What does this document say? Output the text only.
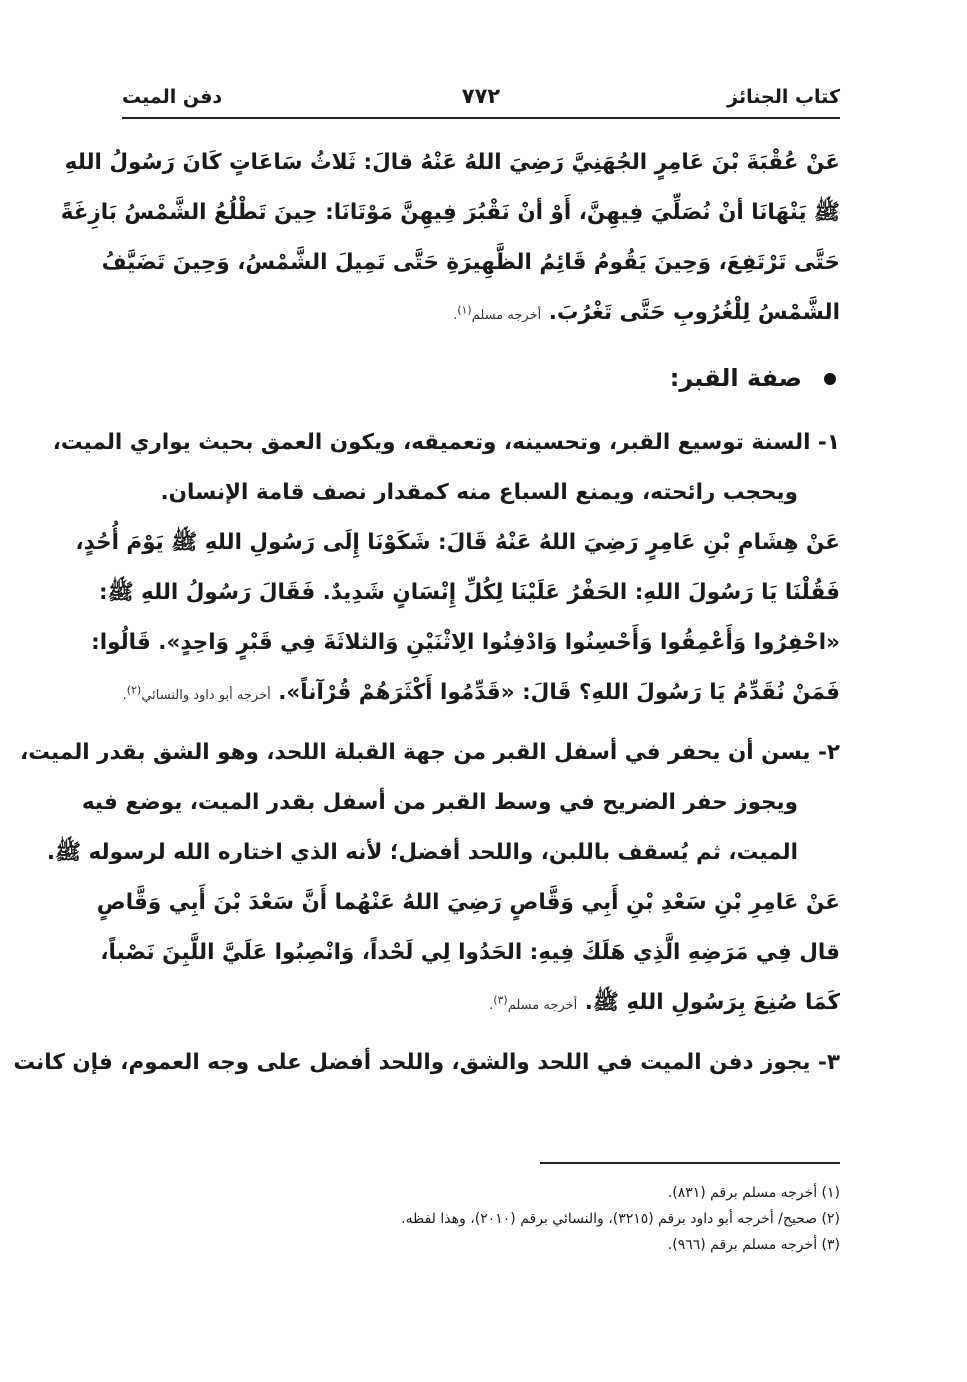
كتاب الجنائز
٧٧٢
دفن الميت
عَنْ عُقْبَةَ بْنَ عَامِرٍ الجُهَنِيَّ رَضِيَ اللهُ عَنْهُ قالَ: ثَلاثُ سَاعَاتٍ كَانَ رَسُولُ اللهِ
ﷺ يَنْهَانَا أنْ نُصَلِّيَ فِيهِنَّ، أَوْ أنْ نَقْبُرَ فِيهِنَّ مَوْتَانَا: حِينَ تَطْلُعُ الشَّمْسُ بَازِغَةً
حَتَّى تَرْتَفِعَ، وَحِينَ يَقُومُ قَائِمُ الظَّهِيرَةِ حَتَّى تَمِيلَ الشَّمْسُ، وَحِينَ تَضَيَّفُ
الشَّمْسُ لِلْغُرُوبِ حَتَّى تَغْرُبَ. أخرجه مسلم$^{(١)}$.
صفة القبر:
١- السنة توسيع القبر، وتحسينه، وتعميقه، ويكون العمق بحيث يواري الميت،
ويحجب رائحته، ويمنع السباع منه كمقدار نصف قامة الإنسان.
عَنْ هِشَامِ بْنِ عَامِرٍ رَضِيَ اللهُ عَنْهُ قَالَ: شَكَوْنَا إِلَى رَسُولِ اللهِ ﷺ يَوْمَ أُحُدٍ،
فَقُلْنَا يَا رَسُولَ اللهِ: الحَفْرُ عَلَيْنَا لِكُلِّ إِنْسَانٍ شَدِيدٌ. فَقَالَ رَسُولُ اللهِ ﷺ:
«احْفِرُوا وَأَعْمِقُوا وَأَحْسِنُوا وَادْفِنُوا الِاثْنَيْنِ وَالثلاثَةَ فِي قَبْرٍ وَاحِدٍ». قَالُوا:
فَمَنْ نُقَدِّمُ يَا رَسُولَ اللهِ؟ قَالَ: «قَدِّمُوا أَكْثَرَهُمْ قُرْآناً». أخرجه أبو داود والنسائي$^{(٢)}$.
٢- يسن أن يحفر في أسفل القبر من جهة القبلة اللحد، وهو الشق بقدر الميت،
ويجوز حفر الضريح في وسط القبر من أسفل بقدر الميت، يوضع فيه
الميت، ثم يُسقف باللبن، واللحد أفضل؛ لأنه الذي اختاره الله لرسوله ﷺ.
عَنْ عَامِرِ بْنِ سَعْدِ بْنِ أَبِي وَقَّاصٍ رَضِيَ اللهُ عَنْهُما أَنَّ سَعْدَ بْنَ أَبِي وَقَّاصٍ
قال فِي مَرَضِهِ الَّذِي هَلَكَ فِيهِ: الحَدُوا لِي لَحْداً، وَانْصِبُوا عَلَيَّ اللَّبِنَ نَصْباً،
كَمَا صُنِعَ بِرَسُولِ اللهِ ﷺ. أخرجه مسلم$^{(٣)}$.
٣- يجوز دفن الميت في اللحد والشق، واللحد أفضل على وجه العموم، فإن كانت
(١) أخرجه مسلم برقم (٨٣١).
(٢) صحيح/ أخرجه أبو داود برقم (٣٢١٥)، والنسائي برقم (٢٠١٠)، وهذا لفظه.
(٣) أخرجه مسلم برقم (٩٦٦).
